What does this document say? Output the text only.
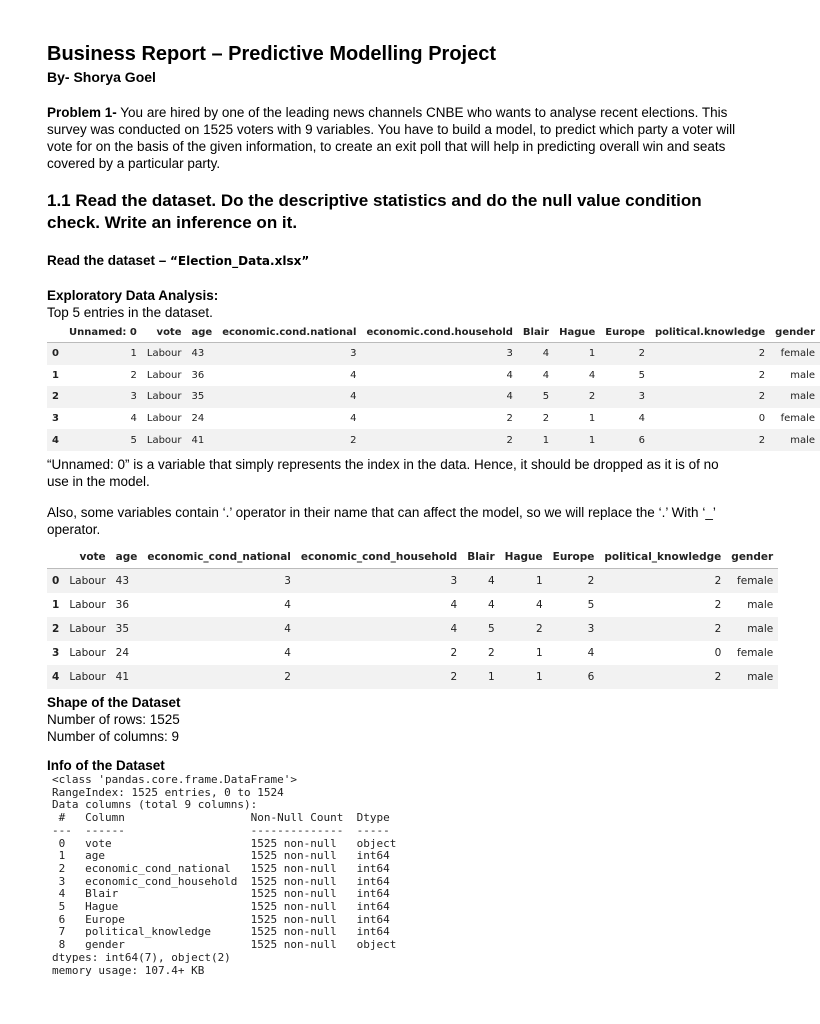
Business Report – Predictive Modelling Project
By- Shorya Goel

Problem 1- You are hired by one of the leading news channels CNBE who wants to analyse recent elections. This survey was conducted on 1525 voters with 9 variables. You have to build a model, to predict which party a voter will vote for on the basis of the given information, to create an exit poll that will help in predicting overall win and seats covered by a particular party.

1.1 Read the dataset. Do the descriptive statistics and do the null value condition check. Write an inference on it.
Read the dataset – “Election_Data.xlsx”
Exploratory Data Analysis:
Top 5 entries in the dataset.
	Unnamed: 0	vote	age	economic.cond.national	economic.cond.household	Blair	Hague	Europe	political.knowledge	gender
0	1	Labour	43	3	3	4	1	2	2	female
1	2	Labour	36	4	4	4	4	5	2	male
2	3	Labour	35	4	4	5	2	3	2	male
3	4	Labour	24	4	2	2	1	4	0	female
4	5	Labour	41	2	2	1	1	6	2	male

“Unnamed: 0” is a variable that simply represents the index in the data. Hence, it should be dropped as it is of no use in the model.

Also, some variables contain ‘.’ operator in their name that can affect the model, so we will replace the ‘.’ With ‘_’ operator.

	vote	age	economic_cond_national	economic_cond_household	Blair	Hague	Europe	political_knowledge	gender
0	Labour	43	3	3	4	1	2	2	female
1	Labour	36	4	4	4	4	5	2	male
2	Labour	35	4	4	5	2	3	2	male
3	Labour	24	4	2	2	1	4	0	female
4	Labour	41	2	2	1	1	6	2	male
Shape of the Dataset
Number of rows: 1525
Number of columns: 9
Info of the Dataset
<class 'pandas.core.frame.DataFrame'>
RangeIndex: 1525 entries, 0 to 1524
Data columns (total 9 columns):
#   Column                   Non-Null Count  Dtype
---  ------                   --------------  -----
0   vote                     1525 non-null   object
1   age                      1525 non-null   int64
2   economic_cond_national   1525 non-null   int64
3   economic_cond_household  1525 non-null   int64
4   Blair                    1525 non-null   int64
5   Hague                    1525 non-null   int64
6   Europe                   1525 non-null   int64
7   political_knowledge      1525 non-null   int64
8   gender                   1525 non-null   object
dtypes: int64(7), object(2)
memory usage: 107.4+ KB
